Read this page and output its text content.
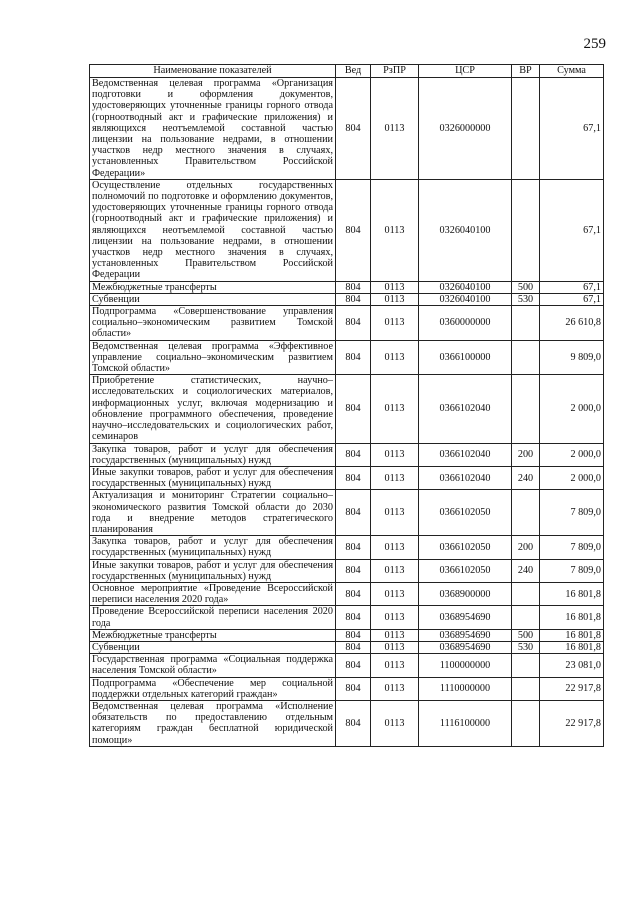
259
Наименование показателей	Вед	РзПР	ЦСР	ВР	Сумма
Ведомственная целевая программа «Организация подготовки и оформления документов, удостоверяющих уточненные границы горного отвода (горноотводный акт и графические приложения) и являющихся неотъемлемой составной частью лицензии на пользование недрами, в отношении участков недр местного значения в случаях, установленных Правительством Российской Федерации»	804	0113	0326000000		67,1
Осуществление отдельных государственных полномочий по подготовке и оформлению документов, удостоверяющих уточненные границы горного отвода (горноотводный акт и графические приложения) и являющихся неотъемлемой составной частью лицензии на пользование недрами, в отношении участков недр местного значения в случаях, установленных Правительством Российской Федерации	804	0113	0326040100		67,1
Межбюджетные трансферты	804	0113	0326040100	500	67,1
Субвенции	804	0113	0326040100	530	67,1
Подпрограмма «Совершенствование управления социально–экономическим развитием Томской области»	804	0113	0360000000		26 610,8
Ведомственная целевая программа «Эффективное управление социально–экономическим развитием Томской области»	804	0113	0366100000		9 809,0
Приобретение статистических, научно–исследовательских и социологических материалов, информационных услуг, включая модернизацию и обновление программного обеспечения, проведение научно–исследовательских и социологических работ, семинаров	804	0113	0366102040		2 000,0
Закупка товаров, работ и услуг для обеспечения государственных (муниципальных) нужд	804	0113	0366102040	200	2 000,0
Иные закупки товаров, работ и услуг для обеспечения государственных (муниципальных) нужд	804	0113	0366102040	240	2 000,0
Актуализация и мониторинг Стратегии социально–экономического развития Томской области до 2030 года и внедрение методов стратегического планирования	804	0113	0366102050		7 809,0
Закупка товаров, работ и услуг для обеспечения государственных (муниципальных) нужд	804	0113	0366102050	200	7 809,0
Иные закупки товаров, работ и услуг для обеспечения государственных (муниципальных) нужд	804	0113	0366102050	240	7 809,0
Основное мероприятие «Проведение Всероссийской переписи населения 2020 года»	804	0113	0368900000		16 801,8
Проведение Всероссийской переписи населения 2020 года	804	0113	0368954690		16 801,8
Межбюджетные трансферты	804	0113	0368954690	500	16 801,8
Субвенции	804	0113	0368954690	530	16 801,8
Государственная программа «Социальная поддержка населения Томской области»	804	0113	1100000000		23 081,0
Подпрограмма «Обеспечение мер социальной поддержки отдельных категорий граждан»	804	0113	1110000000		22 917,8
Ведомственная целевая программа «Исполнение обязательств по предоставлению отдельным категориям граждан бесплатной юридической помощи»	804	0113	1116100000		22 917,8
